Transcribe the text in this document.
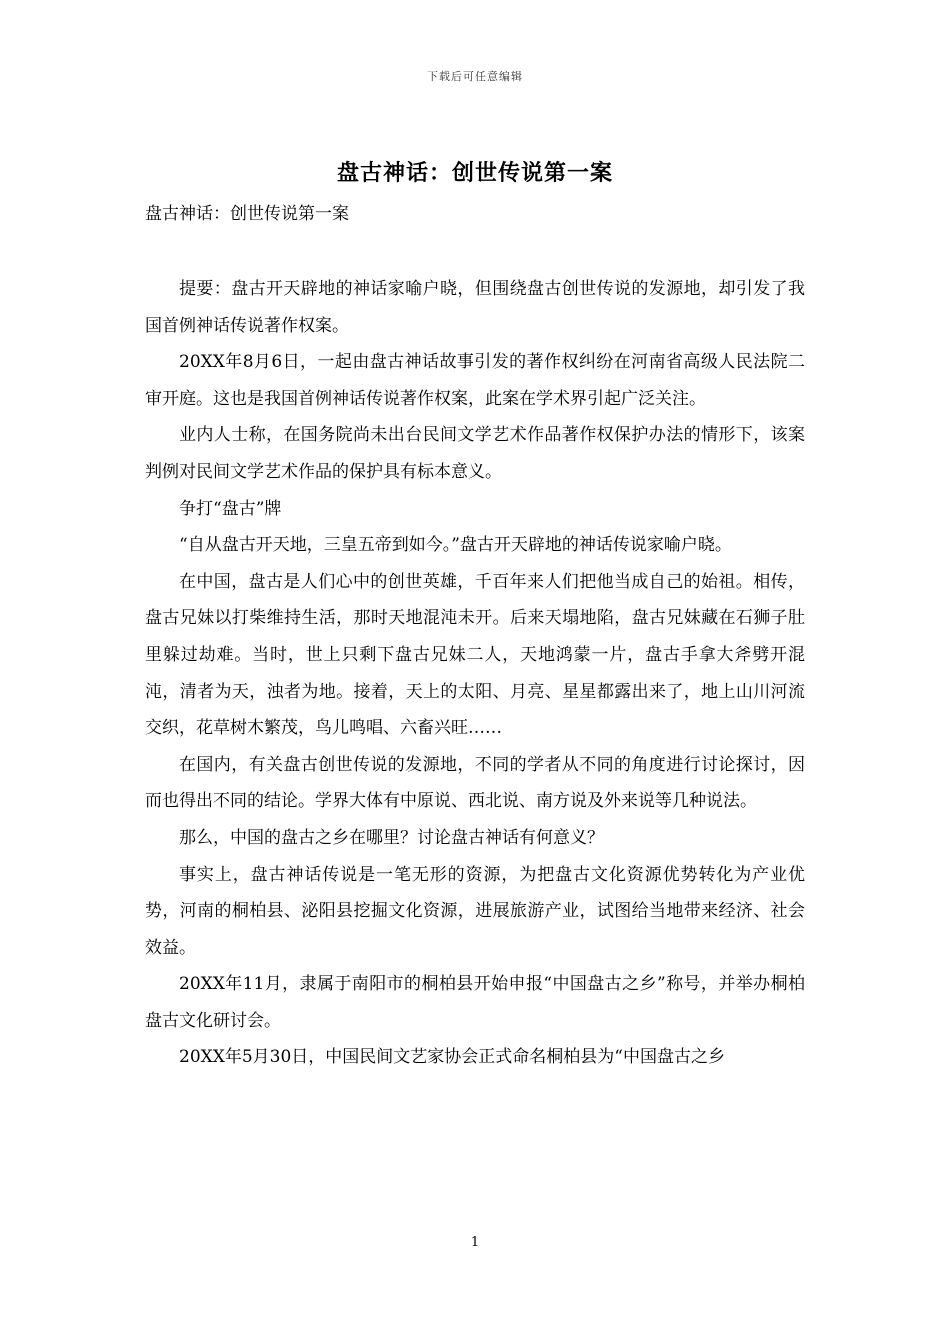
下载后可任意编辑
盘古神话：创世传说第一案
盘古神话：创世传说第一案

提要：盘古开天辟地的神话家喻户晓，但围绕盘古创世传说的发源地，却引发了我国首例神话传说著作权案。

20XX年8月6日，一起由盘古神话故事引发的著作权纠纷在河南省高级人民法院二审开庭。这也是我国首例神话传说著作权案，此案在学术界引起广泛关注。

业内人士称，在国务院尚未出台民间文学艺术作品著作权保护办法的情形下，该案判例对民间文学艺术作品的保护具有标本意义。

争打“盘古”牌

“自从盘古开天地，三皇五帝到如今。”盘古开天辟地的神话传说家喻户晓。

在中国，盘古是人们心中的创世英雄，千百年来人们把他当成自己的始祖。相传，盘古兄妹以打柴维持生活，那时天地混沌未开。后来天塌地陷，盘古兄妹藏在石狮子肚里躲过劫难。当时，世上只剩下盘古兄妹二人，天地鸿蒙一片，盘古手拿大斧劈开混沌，清者为天，浊者为地。接着，天上的太阳、月亮、星星都露出来了，地上山川河流交织，花草树木繁茂，鸟儿鸣唱、六畜兴旺……

在国内，有关盘古创世传说的发源地，不同的学者从不同的角度进行讨论探讨，因而也得出不同的结论。学界大体有中原说、西北说、南方说及外来说等几种说法。

那么，中国的盘古之乡在哪里？讨论盘古神话有何意义？

事实上，盘古神话传说是一笔无形的资源，为把盘古文化资源优势转化为产业优势，河南的桐柏县、泌阳县挖掘文化资源，进展旅游产业，试图给当地带来经济、社会效益。

20XX年11月，隶属于南阳市的桐柏县开始申报“中国盘古之乡”称号，并举办桐柏盘古文化研讨会。

20XX年5月30日，中国民间文艺家协会正式命名桐柏县为“中国盘古之乡

1
